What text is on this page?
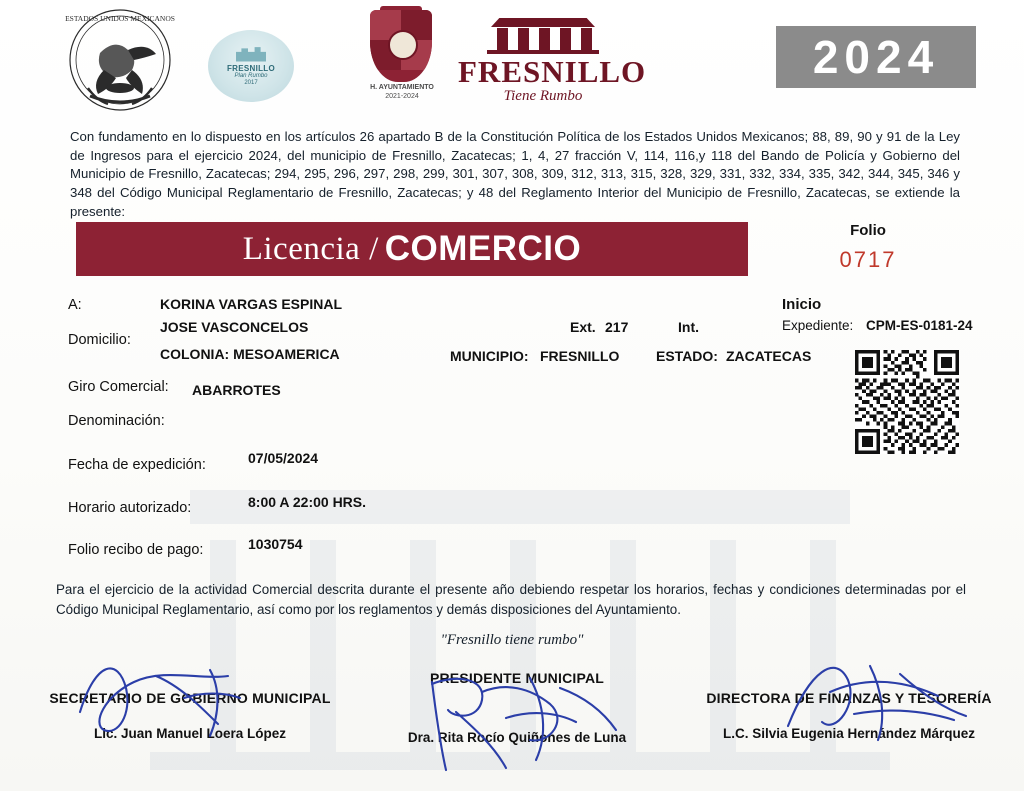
ESTADOS UNIDOS MEXICANOS
FRESNILLO
Plan Rumbo
2017
H. AYUNTAMIENTO
2021-2024
FRESNILLO
Tiene Rumbo
2024
Con fundamento en lo dispuesto en los artículos 26 apartado B de la Constitución Política de los Estados Unidos Mexicanos; 88, 89, 90 y 91 de la Ley de Ingresos para el ejercicio 2024, del municipio de Fresnillo, Zacatecas; 1, 4, 27 fracción V, 114, 116,y 118 del Bando de Policía y Gobierno del Municipio de Fresnillo, Zacatecas; 294, 295, 296, 297, 298, 299, 301, 307, 308, 309, 312, 313, 315, 328, 329, 331, 332, 334, 335, 342, 344, 345, 346 y 348 del Código Municipal Reglamentario de Fresnillo, Zacatecas; y 48 del Reglamento Interior del Municipio de Fresnillo, Zacatecas, se extiende la presente:
Licencia / COMERCIO	Folio
0717
A:	KORINA VARGAS ESPINAL
Domicilio:
JOSE VASCONCELOS
COLONIA: MESOAMERICA
Ext. 217	Int.
MUNICIPIO: FRESNILLO	ESTADO: ZACATECAS
Inicio
Expediente: CPM-ES-0181-24
Giro Comercial: ABARROTES
Denominación:
Fecha de expedición:	07/05/2024
Horario autorizado:	8:00 A 22:00 HRS.
Folio recibo de pago:	1030754
Para el ejercicio de la actividad Comercial descrita durante el presente año debiendo respetar los horarios, fechas y condiciones determinadas por el Código Municipal Reglamentario, así como por los reglamentos y demás disposiciones del Ayuntamiento.
"Fresnillo tiene rumbo"
SECRETARIO DE GOBIERNO MUNICIPAL
Lic. Juan Manuel Loera López
PRESIDENTE MUNICIPAL
Dra. Rita Rocío Quiñones de Luna
DIRECTORA DE FINANZAS Y TESORERÍA
L.C. Silvia Eugenia Hernández Márquez
